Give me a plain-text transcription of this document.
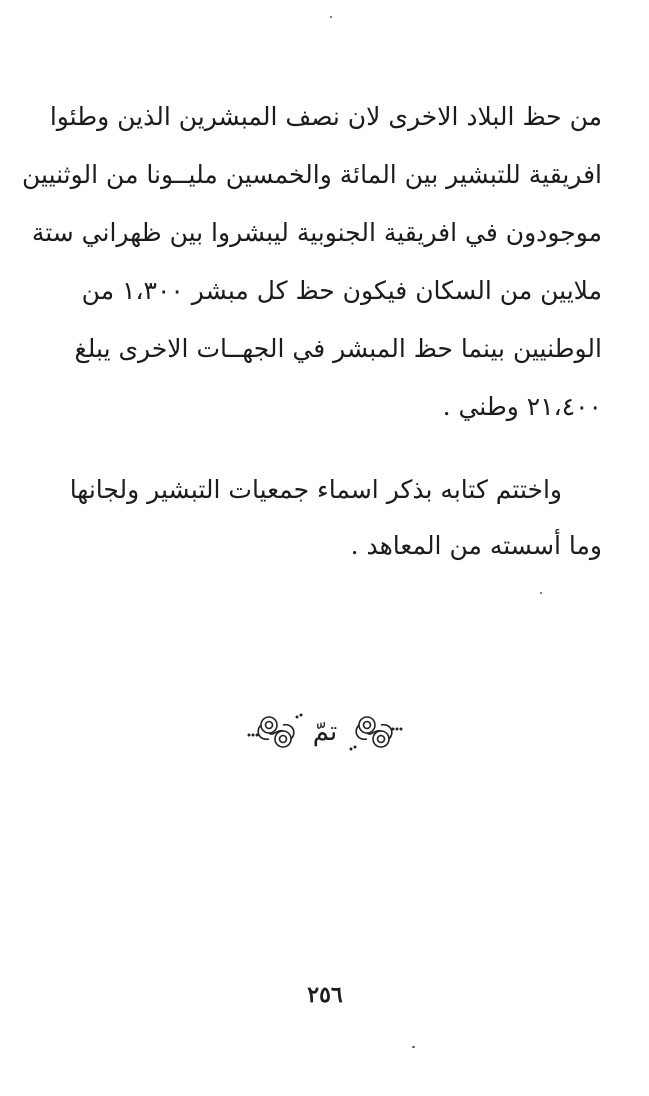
من حظ البلاد الاخرى لان نصف المبشرين الذين وطئوا
افريقية للتبشير بين المائة والخمسين مليــونا من الوثنيين
موجودون في افريقية الجنوبية ليبشروا بين ظهراني ستة
ملايين من السكان فيكون حظ كل مبشر ١،٣٠٠ من
الوطنيين بينما حظ المبشر في الجهــات الاخرى يبلغ
٢١،٤٠٠ وطني .
واختتم كتابه بذكر اسماء جمعيات التبشير ولجانها
وما أسسته من المعاهد .
تمّ
٢٥٦
